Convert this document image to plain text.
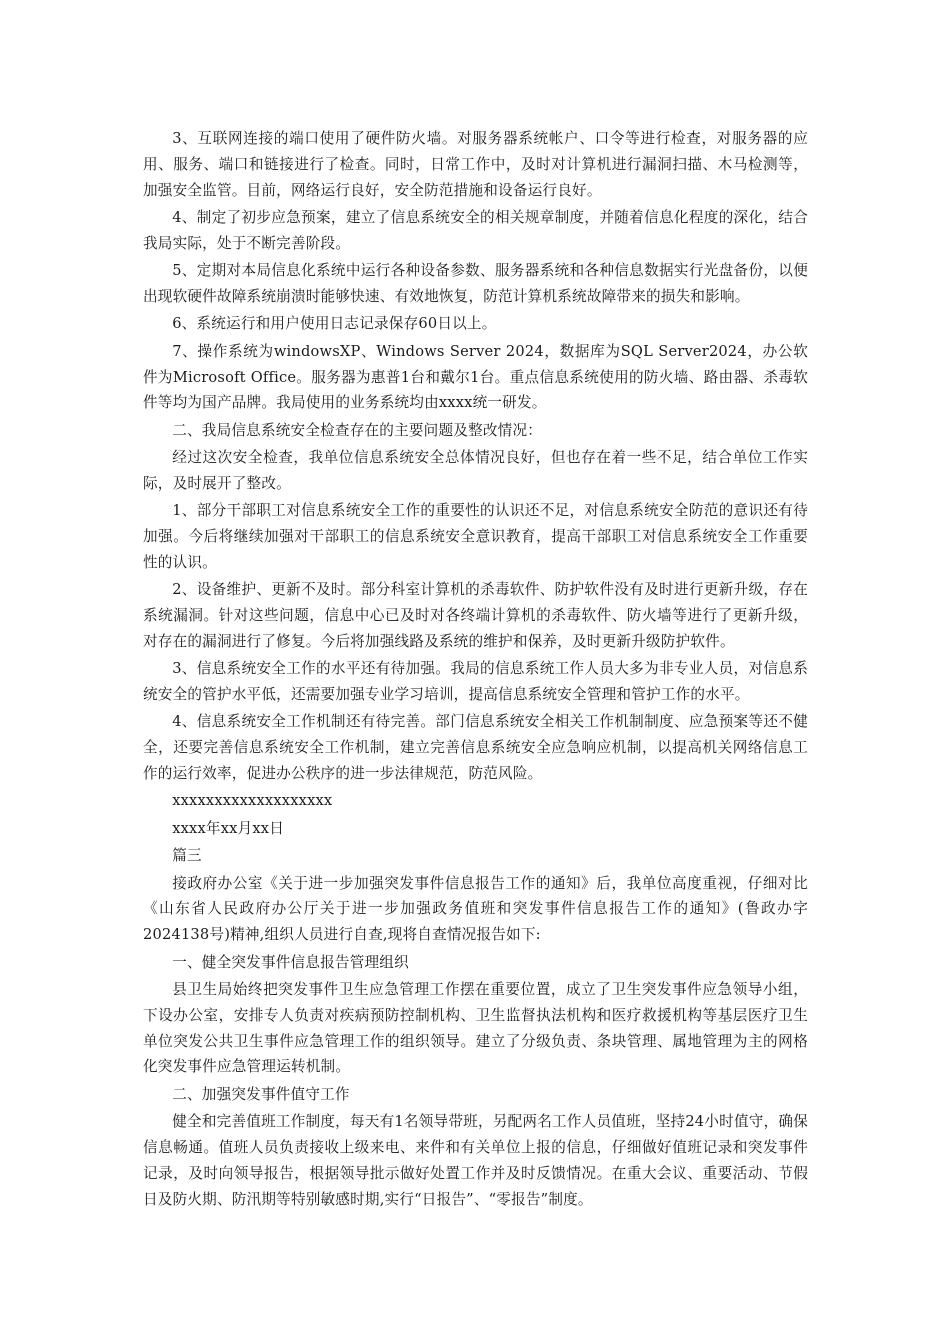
3、互联网连接的端口使用了硬件防火墙。对服务器系统帐户、口令等进行检查，对服务器的应用、服务、端口和链接进行了检查。同时，日常工作中，及时对计算机进行漏洞扫描、木马检测等，加强安全监管。目前，网络运行良好，安全防范措施和设备运行良好。

4、制定了初步应急预案，建立了信息系统安全的相关规章制度，并随着信息化程度的深化，结合我局实际，处于不断完善阶段。

5、定期对本局信息化系统中运行各种设备参数、服务器系统和各种信息数据实行光盘备份，以便出现软硬件故障系统崩溃时能够快速、有效地恢复，防范计算机系统故障带来的损失和影响。

6、系统运行和用户使用日志记录保存60日以上。

7、操作系统为windowsXP、Windows Server 2024，数据库为SQL Server2024，办公软件为Microsoft Office。服务器为惠普1台和戴尔1台。重点信息系统使用的防火墙、路由器、杀毒软件等均为国产品牌。我局使用的业务系统均由xxxx统一研发。

二、我局信息系统安全检查存在的主要问题及整改情况：

经过这次安全检查，我单位信息系统安全总体情况良好，但也存在着一些不足，结合单位工作实际，及时展开了整改。

1、部分干部职工对信息系统安全工作的重要性的认识还不足，对信息系统安全防范的意识还有待加强。今后将继续加强对干部职工的信息系统安全意识教育，提高干部职工对信息系统安全工作重要性的认识。

2、设备维护、更新不及时。部分科室计算机的杀毒软件、防护软件没有及时进行更新升级，存在系统漏洞。针对这些问题，信息中心已及时对各终端计算机的杀毒软件、防火墙等进行了更新升级，对存在的漏洞进行了修复。今后将加强线路及系统的维护和保养，及时更新升级防护软件。

3、信息系统安全工作的水平还有待加强。我局的信息系统工作人员大多为非专业人员，对信息系统安全的管护水平低，还需要加强专业学习培训，提高信息系统安全管理和管护工作的水平。

4、信息系统安全工作机制还有待完善。部门信息系统安全相关工作机制制度、应急预案等还不健全，还要完善信息系统安全工作机制，建立完善信息系统安全应急响应机制，以提高机关网络信息工作的运行效率，促进办公秩序的进一步法律规范，防范风险。

xxxxxxxxxxxxxxxxxxx

xxxx年xx月xx日

篇三

接政府办公室《关于进一步加强突发事件信息报告工作的通知》后，我单位高度重视，仔细对比《山东省人民政府办公厅关于进一步加强政务值班和突发事件信息报告工作的通知》(鲁政办字2024138号)精神,组织人员进行自查,现将自查情况报告如下:

一、健全突发事件信息报告管理组织

县卫生局始终把突发事件卫生应急管理工作摆在重要位置，成立了卫生突发事件应急领导小组，下设办公室，安排专人负责对疾病预防控制机构、卫生监督执法机构和医疗救援机构等基层医疗卫生单位突发公共卫生事件应急管理工作的组织领导。建立了分级负责、条块管理、属地管理为主的网格化突发事件应急管理运转机制。

二、加强突发事件值守工作

健全和完善值班工作制度，每天有1名领导带班，另配两名工作人员值班，坚持24小时值守，确保信息畅通。值班人员负责接收上级来电、来件和有关单位上报的信息，仔细做好值班记录和突发事件记录，及时向领导报告，根据领导批示做好处置工作并及时反馈情况。在重大会议、重要活动、节假日及防火期、防汛期等特别敏感时期,实行“日报告”、“零报告”制度。
